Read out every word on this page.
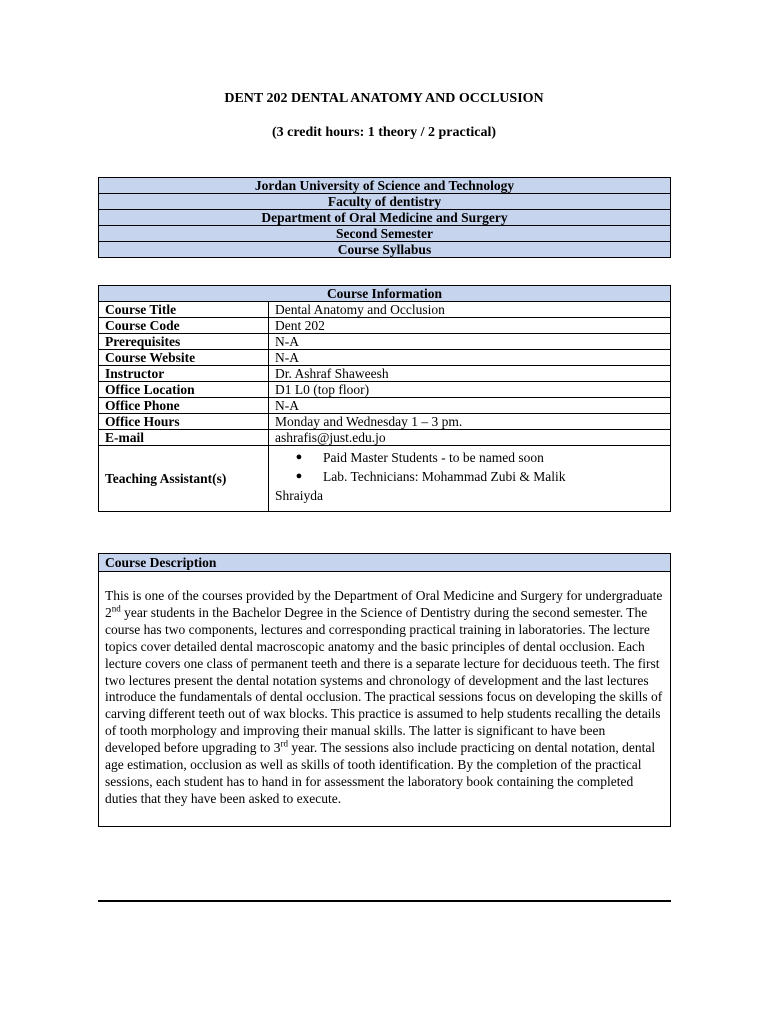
DENT 202 DENTAL ANATOMY AND OCCLUSION
(3 credit hours: 1 theory / 2 practical)
Jordan University of Science and Technology
Faculty of dentistry
Department of Oral Medicine and Surgery
Second Semester
Course Syllabus
Course Information	
Course Title	Dental Anatomy and Occlusion
Course Code	Dent 202
Prerequisites	N-A
Course Website	N-A
Instructor	Dr. Ashraf Shaweesh
Office Location	D1 L0 (top floor)
Office Phone	N-A
Office Hours	Monday and Wednesday 1 – 3 pm.
E-mail	ashrafis@just.edu.jo
Teaching Assistant(s)	● Paid Master Students - to be named soon
● Lab. Technicians: Mohammad Zubi & Malik
Shraiyda
Course Description
This is one of the courses provided by the Department of Oral Medicine and Surgery for undergraduate 2nd year students in the Bachelor Degree in the Science of Dentistry during the second semester. The course has two components, lectures and corresponding practical training in laboratories. The lecture topics cover detailed dental macroscopic anatomy and the basic principles of dental occlusion. Each lecture covers one class of permanent teeth and there is a separate lecture for deciduous teeth. The first two lectures present the dental notation systems and chronology of development and the last lectures introduce the fundamentals of dental occlusion. The practical sessions focus on developing the skills of carving different teeth out of wax blocks. This practice is assumed to help students recalling the details of tooth morphology and improving their manual skills. The latter is significant to have been developed before upgrading to 3rd year. The sessions also include practicing on dental notation, dental age estimation, occlusion as well as skills of tooth identification. By the completion of the practical sessions, each student has to hand in for assessment the laboratory book containing the completed duties that they have been asked to execute.
